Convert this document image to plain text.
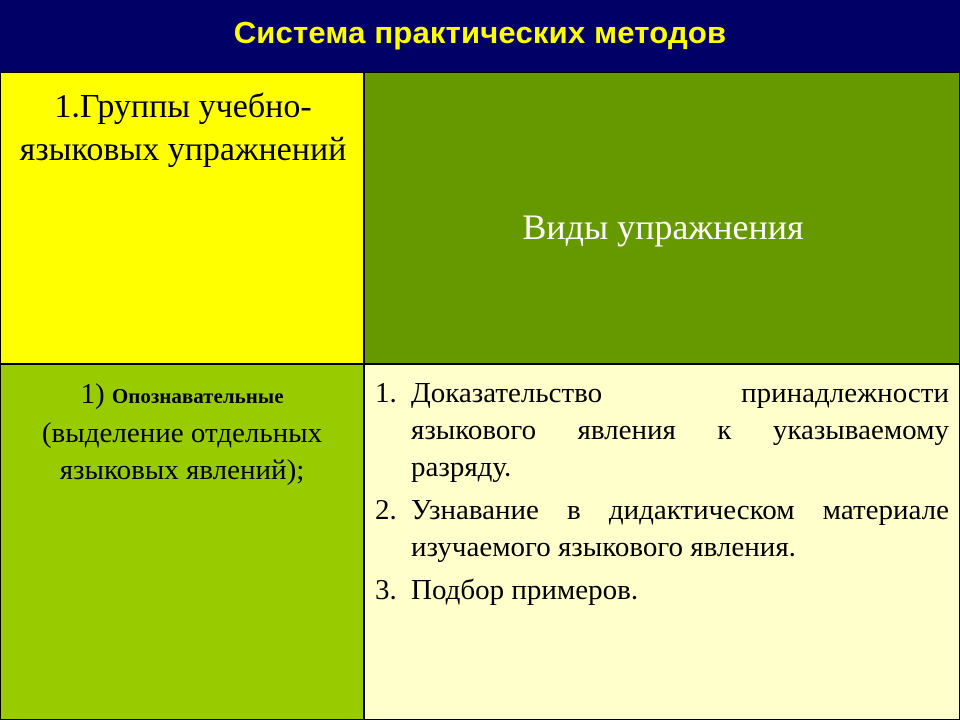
Система практических методов
1.Группы учебно-языковых упражнений
Виды упражнения
1) Опознавательные (выделение отдельных языковых явлений);
1. Доказательство принадлежности языкового явления к указываемому разряду.
2. Узнавание в дидактическом материале изучаемого языкового явления.
3. Подбор примеров.
